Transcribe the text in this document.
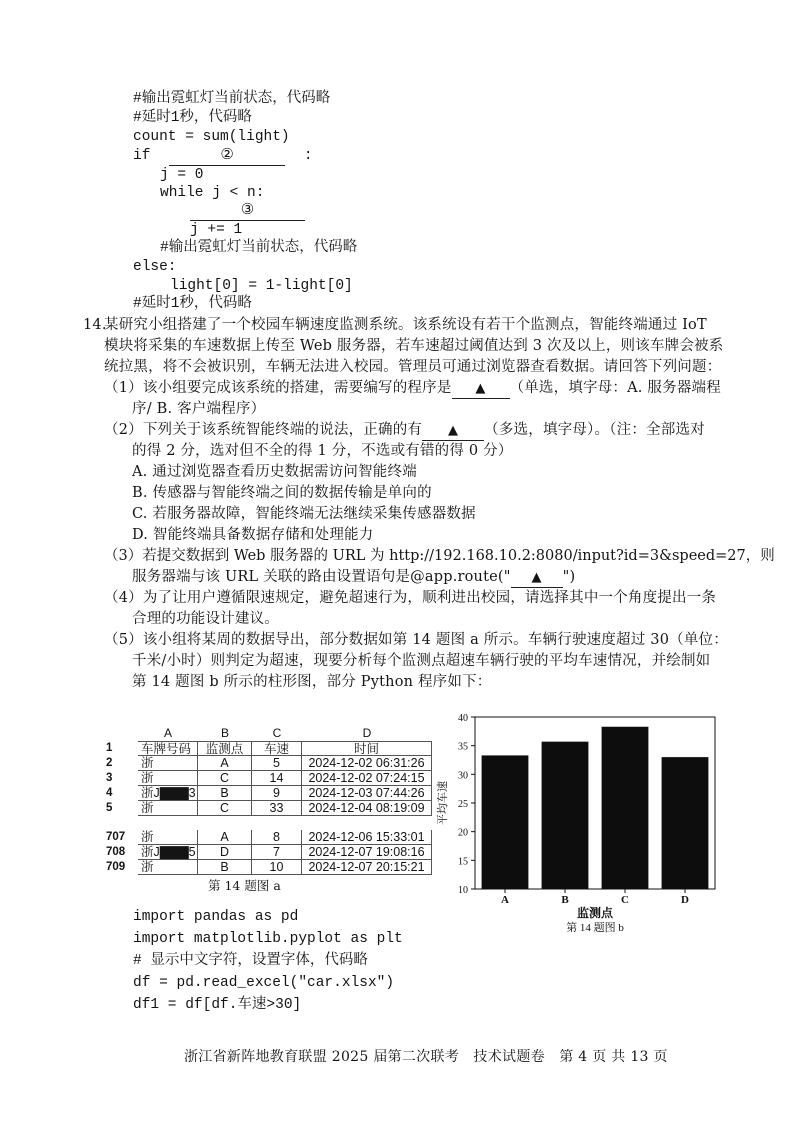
#输出霓虹灯当前状态，代码略
#延时1秒，代码略
count = sum(light)
if	②	:
j = 0
while j < n:
③
j += 1
#输出霓虹灯当前状态，代码略
else:
light[0] = 1-light[0]
#延时1秒，代码略
14.
某研究小组搭建了一个校园车辆速度监测系统。该系统设有若干个监测点，智能终端通过 IoT
模块将采集的车速数据上传至 Web 服务器，若车速超过阈值达到 3 次及以上，则该车牌会被系
统拉黑，将不会被识别，车辆无法进入校园。管理员可通过浏览器查看数据。请回答下列问题：
（1）该小组要完成该系统的搭建，需要编写的程序是 ▲ （单选，填字母：A. 服务器端程
序/ B. 客户端程序）
（2）下列关于该系统智能终端的说法，正确的有 ▲ （多选，填字母）。（注：全部选对
的得 2 分，选对但不全的得 1 分，不选或有错的得 0 分）
A. 通过浏览器查看历史数据需访问智能终端
B. 传感器与智能终端之间的数据传输是单向的
C. 若服务器故障，智能终端无法继续采集传感器数据
D. 智能终端具备数据存储和处理能力
（3）若提交数据到 Web 服务器的 URL 为 http://192.168.10.2:8080/input?id=3&speed=27，则
服务器端与该 URL 关联的路由设置语句是@app.route(" ▲ ")
（4）为了让用户遵循限速规定，避免超速行为，顺利进出校园，请选择其中一个角度提出一条
合理的功能设计建议。
（5）该小组将某周的数据导出，部分数据如第 14 题图 a 所示。车辆行驶速度超过 30（单位：
千米/小时）则判定为超速，现要分析每个监测点超速车辆行驶的平均车速情况，并绘制如
第 14 题图 b 所示的柱形图，部分 Python 程序如下：
A	B	C	D
1	车牌号码	监测点	车速	时间
2	浙	A	5	2024-12-02 06:31:26
3	浙	C	14	2024-12-02 07:24:15
4	浙J▇▇▇3	B	9	2024-12-03 07:44:26
5	浙	C	33	2024-12-04 08:19:09
707	浙	A	8	2024-12-06 15:33:01
708	浙J▇▇▇5	D	7	2024-12-07 19:08:16
709	浙	B	10	2024-12-07 20:15:21
第 14 题图 a	10
15
20
25
30
35
40
A	B	C	D
监测点
平均车速
第 14 题图 b
import pandas as pd
import matplotlib.pyplot as plt
# 显示中文字符，设置字体，代码略
df = pd.read_excel("car.xlsx")
df1 = df[df.车速>30]
浙江省新阵地教育联盟 2025 届第二次联考　技术试题卷　第 4 页 共 13 页
